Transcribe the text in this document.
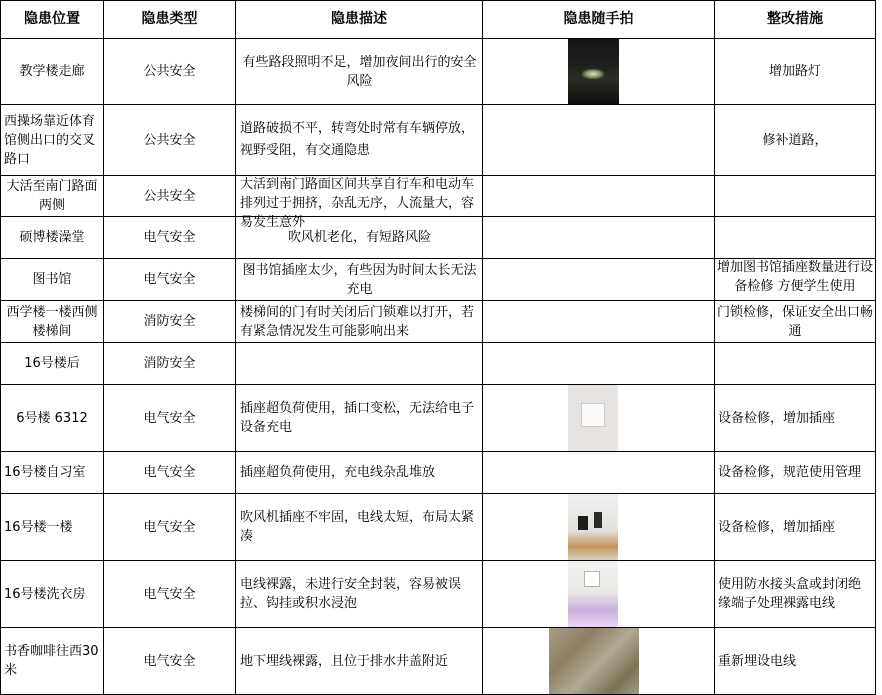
隐患位置	隐患类型	隐患描述	隐患随手拍	整改措施
教学楼走廊	公共安全	有些路段照明不足，增加夜间出行的安全风险		增加路灯
西操场靠近体育馆侧出口的交叉路口	公共安全	道路破损不平，转弯处时常有车辆停放，视野受阻，有交通隐患		修补道路，
大活至南门路面两侧	公共安全	大活到南门路面区间共享自行车和电动车排列过于拥挤，杂乱无序，人流量大，容易发生意外		

硕博楼澡堂	电气安全	吹风机老化，有短路风险		
图书馆	电气安全	图书馆插座太少，有些因为时间太长无法充电		增加图书馆插座数量进行设备检修 方便学生使用

西学楼一楼西侧楼梯间	消防安全	楼梯间的门有时关闭后门锁难以打开，若有紧急情况发生可能影响出来		门锁检修，保证安全出口畅通
16号楼后	消防安全			
6号楼 6312	电气安全	插座超负荷使用，插口变松，无法给电子设备充电		设备检修，增加插座
16号楼自习室	电气安全	插座超负荷使用，充电线杂乱堆放		设备检修，规范使用管理
16号楼一楼	电气安全	吹风机插座不牢固，电线太短，布局太紧凑		设备检修，增加插座
16号楼洗衣房	电气安全	电线裸露，未进行安全封装，容易被误拉、钩挂或积水浸泡		使用防水接头盒或封闭绝缘端子处理裸露电线
书香咖啡往西30米	电气安全	地下埋线裸露，且位于排水井盖附近		重新埋设电线
